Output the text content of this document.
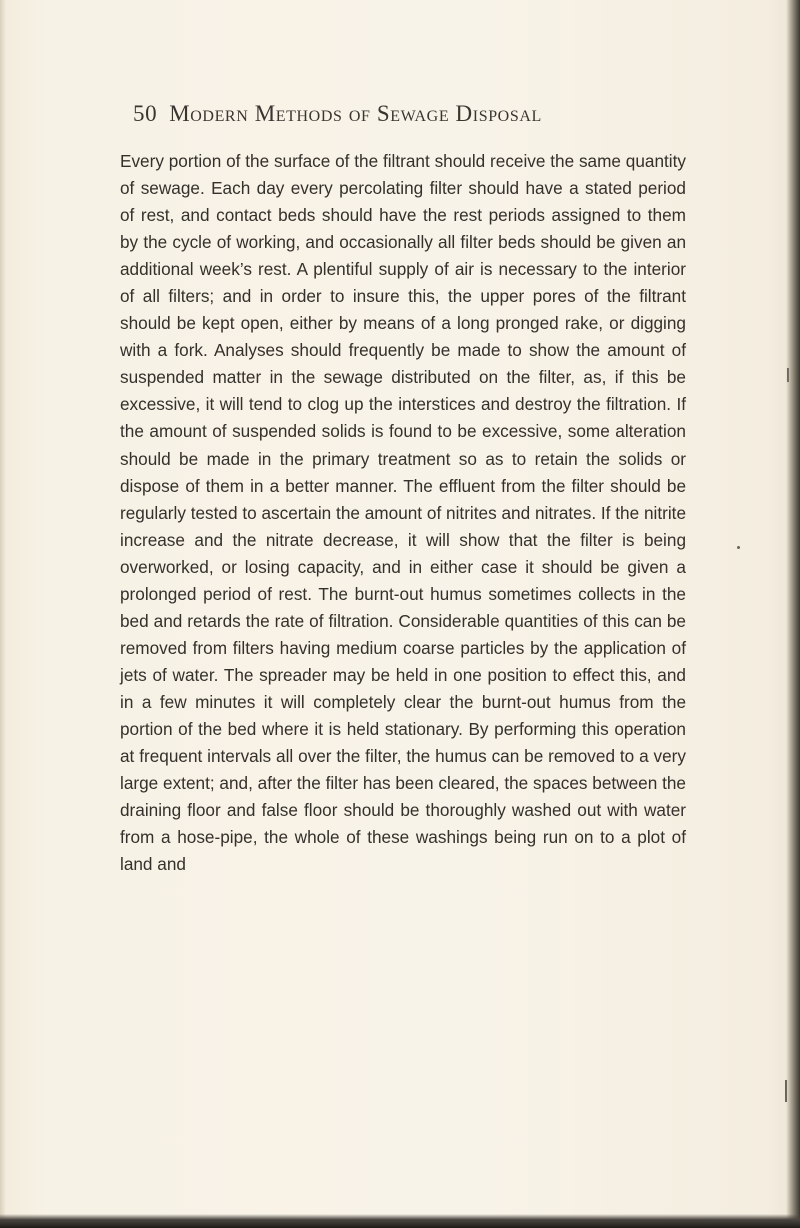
50 Modern Methods of Sewage Disposal

Every portion of the surface of the filtrant should receive the same quantity of sewage. Each day every percolating filter should have a stated period of rest, and contact beds should have the rest periods assigned to them by the cycle of working, and occasionally all filter beds should be given an additional week’s rest. A plentiful supply of air is necessary to the interior of all filters; and in order to insure this, the upper pores of the filtrant should be kept open, either by means of a long pronged rake, or digging with a fork. Analyses should frequently be made to show the amount of suspended matter in the sewage distributed on the filter, as, if this be excessive, it will tend to clog up the interstices and destroy the filtration. If the amount of suspended solids is found to be excessive, some alteration should be made in the primary treatment so as to retain the solids or dispose of them in a better manner. The effluent from the filter should be regularly tested to ascertain the amount of nitrites and nitrates. If the nitrite increase and the nitrate decrease, it will show that the filter is being overworked, or losing capacity, and in either case it should be given a prolonged period of rest. The burnt-out humus sometimes collects in the bed and retards the rate of filtration. Considerable quantities of this can be removed from filters having medium coarse particles by the application of jets of water. The spreader may be held in one position to effect this, and in a few minutes it will completely clear the burnt-out humus from the portion of the bed where it is held stationary. By performing this operation at frequent intervals all over the filter, the humus can be removed to a very large extent; and, after the filter has been cleared, the spaces between the draining floor and false floor should be thoroughly washed out with water from a hose-pipe, the whole of these washings being run on to a plot of land and
